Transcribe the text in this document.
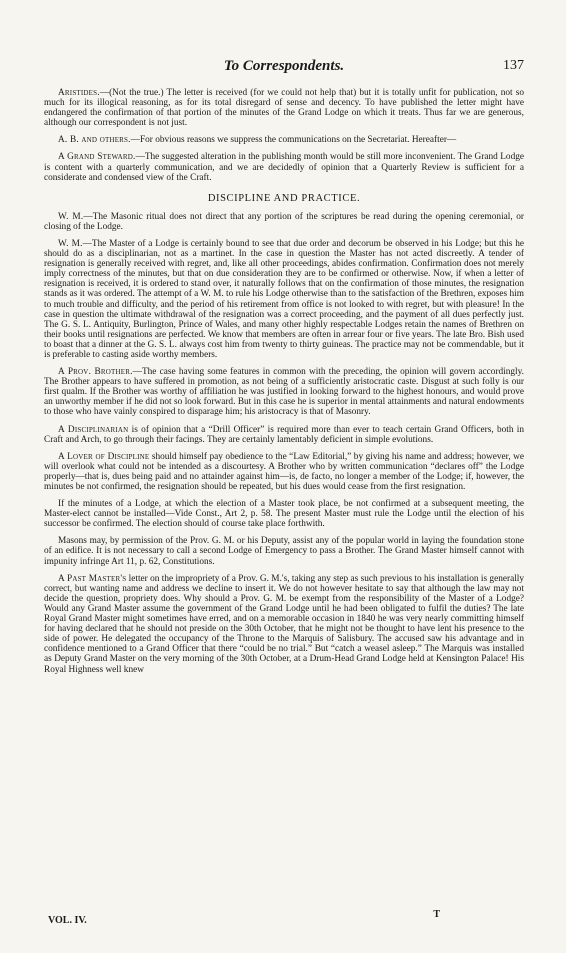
To Correspondents.	137

Aristides.—(Not the true.) The letter is received (for we could not help that) but it is totally unfit for publication, not so much for its illogical reasoning, as for its total disregard of sense and decency. To have published the letter might have endangered the confirmation of that portion of the minutes of the Grand Lodge on which it treats. Thus far we are generous, although our correspondent is not just.

A. B. and others.—For obvious reasons we suppress the communications on the Secretariat. Hereafter—

A Grand Steward.—The suggested alteration in the publishing month would be still more inconvenient. The Grand Lodge is content with a quarterly communication, and we are decidedly of opinion that a Quarterly Review is sufficient for a considerate and condensed view of the Craft.

DISCIPLINE AND PRACTICE.

W. M.—The Masonic ritual does not direct that any portion of the scriptures be read during the opening ceremonial, or closing of the Lodge.

W. M.—The Master of a Lodge is certainly bound to see that due order and decorum be observed in his Lodge; but this he should do as a disciplinarian, not as a martinet. In the case in question the Master has not acted discreetly. A tender of resignation is generally received with regret, and, like all other proceedings, abides confirmation. Confirmation does not merely imply correctness of the minutes, but that on due consideration they are to be confirmed or otherwise. Now, if when a letter of resignation is received, it is ordered to stand over, it naturally follows that on the confirmation of those minutes, the resignation stands as it was ordered. The attempt of a W. M. to rule his Lodge otherwise than to the satisfaction of the Brethren, exposes him to much trouble and difficulty, and the period of his retirement from office is not looked to with regret, but with pleasure! In the case in question the ultimate withdrawal of the resignation was a correct proceeding, and the payment of all dues perfectly just. The G. S. L. Antiquity, Burlington, Prince of Wales, and many other highly respectable Lodges retain the names of Brethren on their books until resignations are perfected. We know that members are often in arrear four or five years. The late Bro. Bish used to boast that a dinner at the G. S. L. always cost him from twenty to thirty guineas. The practice may not be commendable, but it is preferable to casting aside worthy members.

A Prov. Brother.—The case having some features in common with the preceding, the opinion will govern accordingly. The Brother appears to have suffered in promotion, as not being of a sufficiently aristocratic caste. Disgust at such folly is our first qualm. If the Brother was worthy of affiliation he was justified in looking forward to the highest honours, and would prove an unworthy member if he did not so look forward. But in this case he is superior in mental attainments and natural endowments to those who have vainly conspired to disparage him; his aristocracy is that of Masonry.

A Disciplinarian is of opinion that a “Drill Officer” is required more than ever to teach certain Grand Officers, both in Craft and Arch, to go through their facings. They are certainly lamentably deficient in simple evolutions.

A Lover of Discipline should himself pay obedience to the “Law Editorial,” by giving his name and address; however, we will overlook what could not be intended as a discourtesy. A Brother who by written communication “declares off” the Lodge properly—that is, dues being paid and no attainder against him—is, de facto, no longer a member of the Lodge; if, however, the minutes be not confirmed, the resignation should be repeated, but his dues would cease from the first resignation.

If the minutes of a Lodge, at which the election of a Master took place, be not confirmed at a subsequent meeting, the Master-elect cannot be installed—Vide Const., Art 2, p. 58. The present Master must rule the Lodge until the election of his successor be confirmed. The election should of course take place forthwith.

Masons may, by permission of the Prov. G. M. or his Deputy, assist any of the popular world in laying the foundation stone of an edifice. It is not necessary to call a second Lodge of Emergency to pass a Brother. The Grand Master himself cannot with impunity infringe Art 11, p. 62, Constitutions.

A Past Master's letter on the impropriety of a Prov. G. M.'s, taking any step as such previous to his installation is generally correct, but wanting name and address we decline to insert it. We do not however hesitate to say that although the law may not decide the question, propriety does. Why should a Prov. G. M. be exempt from the responsibility of the Master of a Lodge? Would any Grand Master assume the government of the Grand Lodge until he had been obligated to fulfil the duties? The late Royal Grand Master might sometimes have erred, and on a memorable occasion in 1840 he was very nearly committing himself for having declared that he should not preside on the 30th October, that he might not be thought to have lent his presence to the side of power. He delegated the occupancy of the Throne to the Marquis of Salisbury. The accused saw his advantage and in confidence mentioned to a Grand Officer that there “could be no trial.” But “catch a weasel asleep.” The Marquis was installed as Deputy Grand Master on the very morning of the 30th October, at a Drum-Head Grand Lodge held at Kensington Palace! His Royal Highness well knew

VOL. IV.
T
